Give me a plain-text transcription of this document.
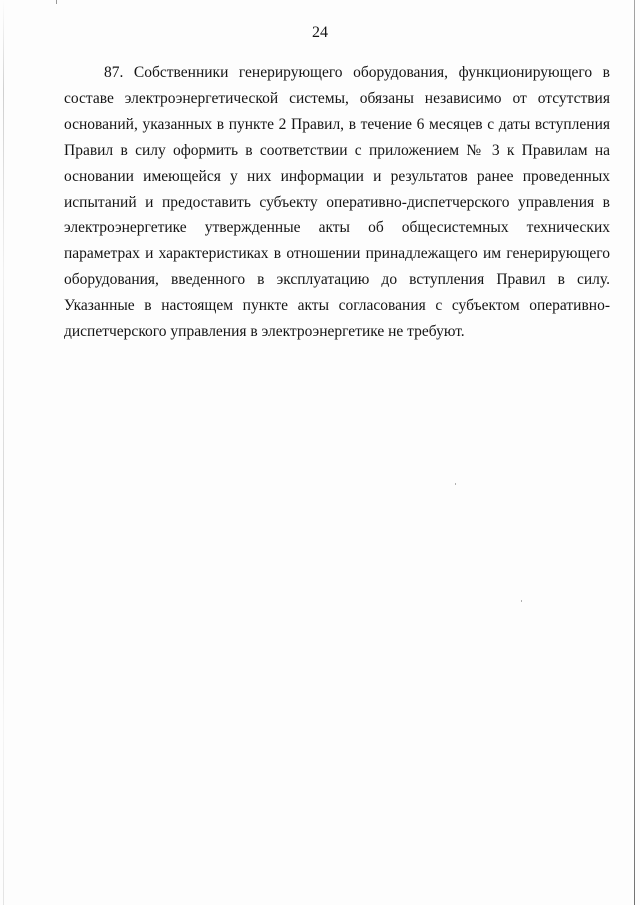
24

87. Собственники генерирующего оборудования, функционирующего в составе электроэнергетической системы, обязаны независимо от отсутствия оснований, указанных в пункте 2 Правил, в течение 6 месяцев с даты вступления Правил в силу оформить в соответствии с приложением № 3 к Правилам на основании имеющейся у них информации и результатов ранее проведенных испытаний и предоставить субъекту оперативно-диспетчерского управления в электроэнергетике утвержденные акты об общесистемных технических параметрах и характеристиках в отношении принадлежащего им генерирующего оборудования, введенного в эксплуатацию до вступления Правил в силу. Указанные в настоящем пункте акты согласования с субъектом оперативно-диспетчерского управления в электроэнергетике не требуют.
